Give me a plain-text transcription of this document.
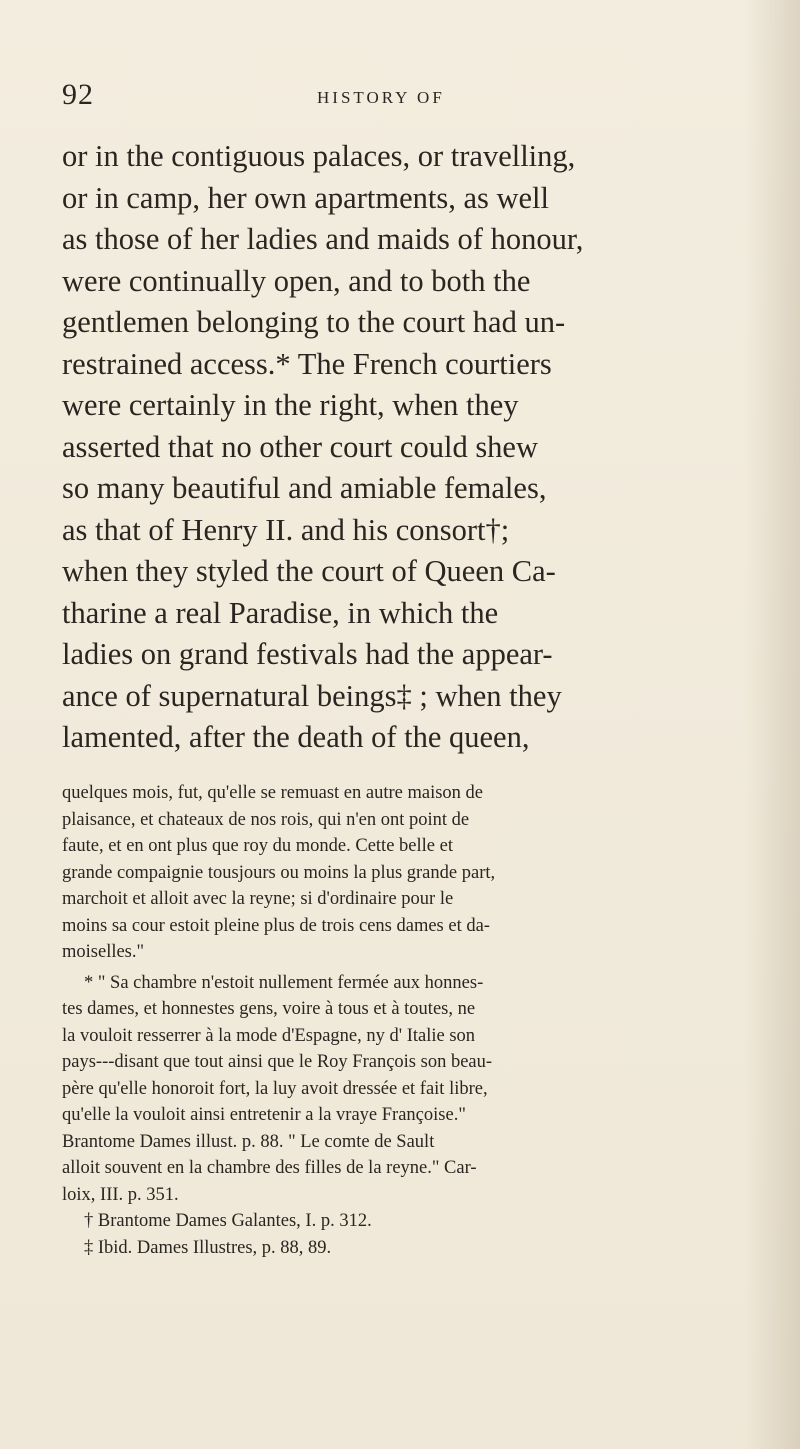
92	HISTORY OF

or in the contiguous palaces, or travelling,
or in camp, her own apartments, as well
as those of her ladies and maids of honour,
were continually open, and to both the
gentlemen belonging to the court had un-
restrained access.* The French courtiers
were certainly in the right, when they
asserted that no other court could shew
so many beautiful and amiable females,
as that of Henry II. and his consort†;
when they styled the court of Queen Ca-
tharine a real Paradise, in which the
ladies on grand festivals had the appear-
ance of supernatural beings‡ ; when they
lamented, after the death of the queen,

quelques mois, fut, qu'elle se remuast en autre maison de
plaisance, et chateaux de nos rois, qui n'en ont point de
faute, et en ont plus que roy du monde. Cette belle et
grande compaignie tousjours ou moins la plus grande part,
marchoit et alloit avec la reyne; si d'ordinaire pour le
moins sa cour estoit pleine plus de trois cens dames et da-
moiselles."
* " Sa chambre n'estoit nullement fermée aux honnes-
tes dames, et honnestes gens, voire à tous et à toutes, ne
la vouloit resserrer à la mode d'Espagne, ny d' Italie son
pays---disant que tout ainsi que le Roy François son beau-
père qu'elle honoroit fort, la luy avoit dressée et fait libre,
qu'elle la vouloit ainsi entretenir a la vraye Françoise."
Brantome Dames illust. p. 88. " Le comte de Sault
alloit souvent en la chambre des filles de la reyne." Car-
loix, III. p. 351.
† Brantome Dames Galantes, I. p. 312.
‡ Ibid. Dames Illustres, p. 88, 89.
